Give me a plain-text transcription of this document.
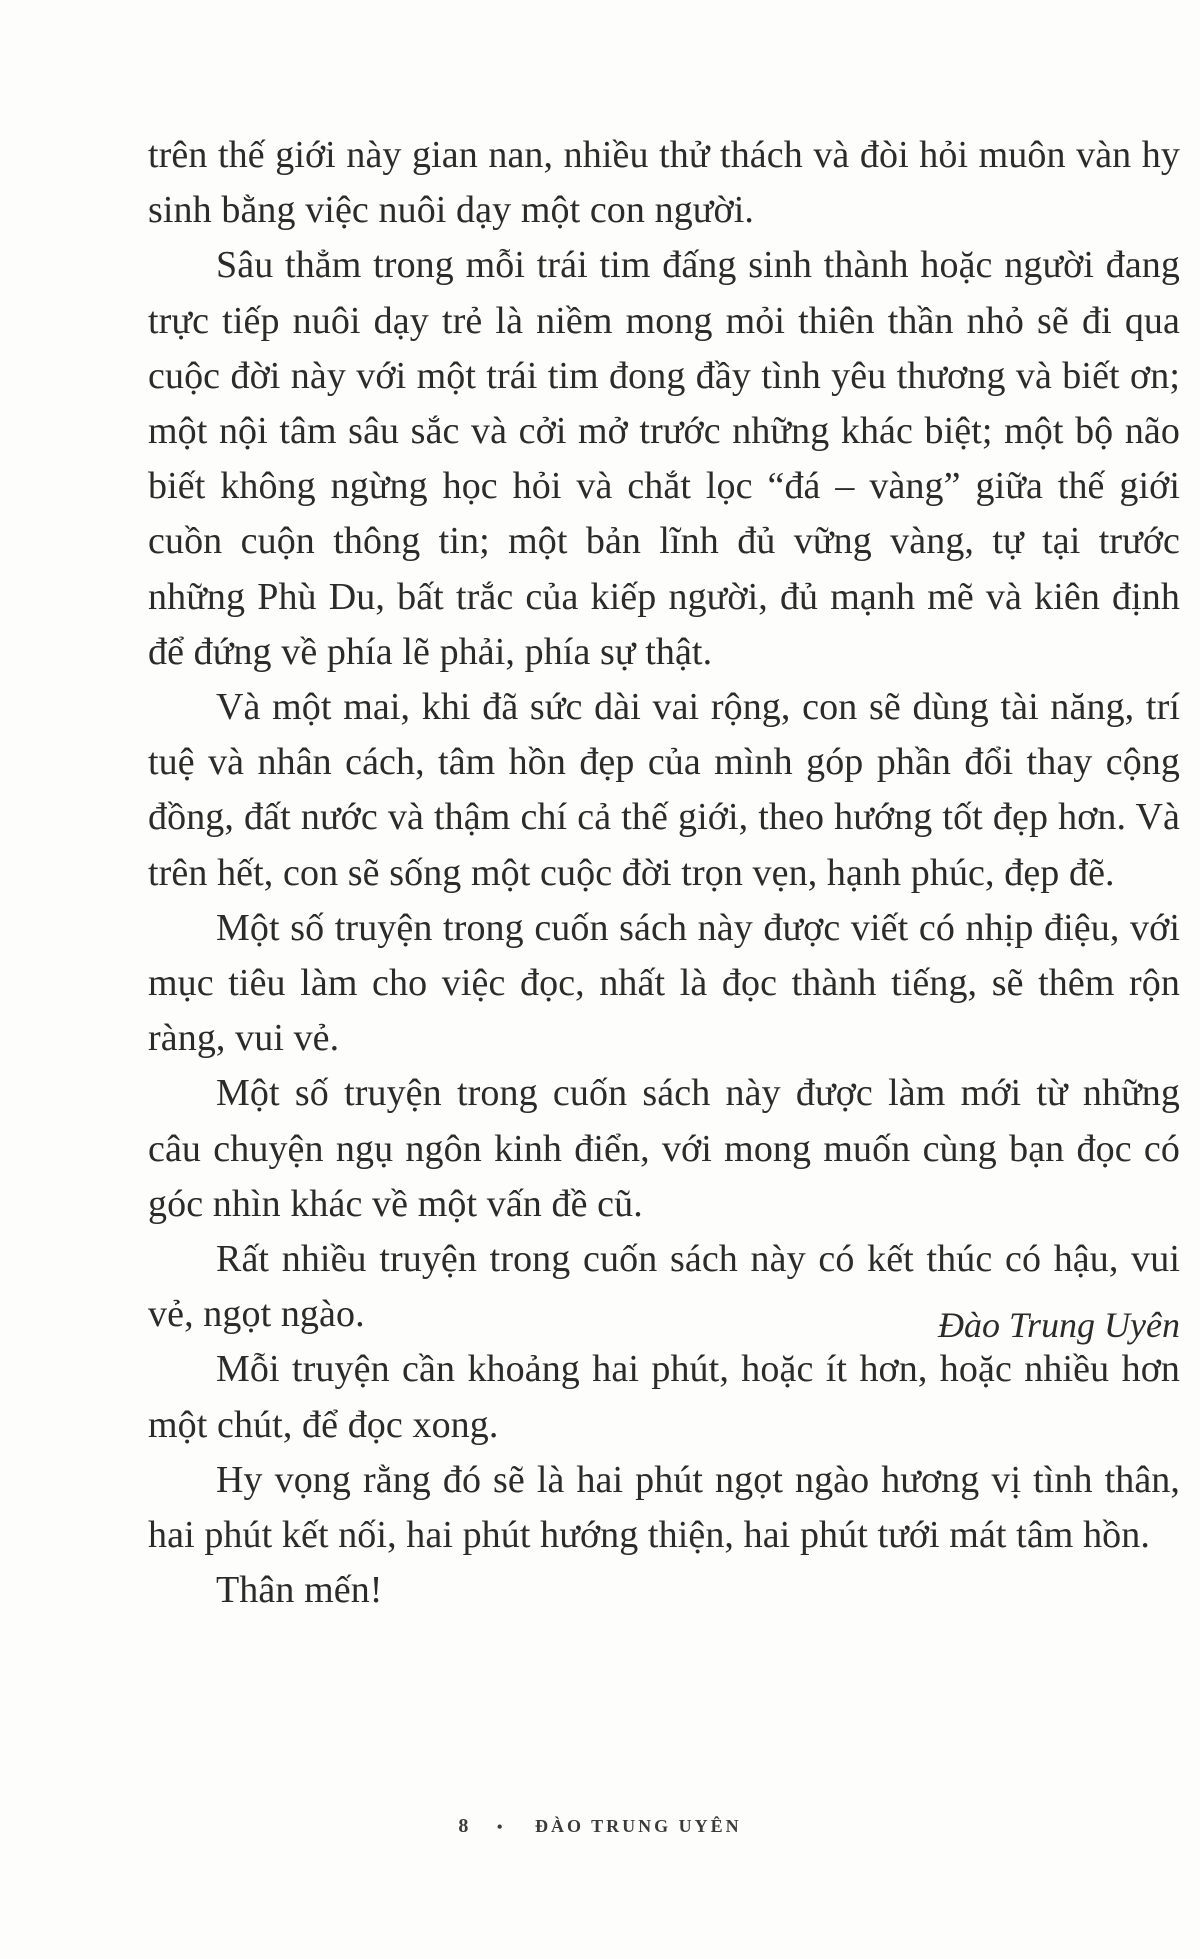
trên thế giới này gian nan, nhiều thử thách và đòi hỏi muôn vàn hy sinh bằng việc nuôi dạy một con người.

Sâu thẳm trong mỗi trái tim đấng sinh thành hoặc người đang trực tiếp nuôi dạy trẻ là niềm mong mỏi thiên thần nhỏ sẽ đi qua cuộc đời này với một trái tim đong đầy tình yêu thương và biết ơn; một nội tâm sâu sắc và cởi mở trước những khác biệt; một bộ não biết không ngừng học hỏi và chắt lọc “đá – vàng” giữa thế giới cuồn cuộn thông tin; một bản lĩnh đủ vững vàng, tự tại trước những Phù Du, bất trắc của kiếp người, đủ mạnh mẽ và kiên định để đứng về phía lẽ phải, phía sự thật.

Và một mai, khi đã sức dài vai rộng, con sẽ dùng tài năng, trí tuệ và nhân cách, tâm hồn đẹp của mình góp phần đổi thay cộng đồng, đất nước và thậm chí cả thế giới, theo hướng tốt đẹp hơn. Và trên hết, con sẽ sống một cuộc đời trọn vẹn, hạnh phúc, đẹp đẽ.

Một số truyện trong cuốn sách này được viết có nhịp điệu, với mục tiêu làm cho việc đọc, nhất là đọc thành tiếng, sẽ thêm rộn ràng, vui vẻ.

Một số truyện trong cuốn sách này được làm mới từ những câu chuyện ngụ ngôn kinh điển, với mong muốn cùng bạn đọc có góc nhìn khác về một vấn đề cũ.

Rất nhiều truyện trong cuốn sách này có kết thúc có hậu, vui vẻ, ngọt ngào.

Mỗi truyện cần khoảng hai phút, hoặc ít hơn, hoặc nhiều hơn một chút, để đọc xong.

Hy vọng rằng đó sẽ là hai phút ngọt ngào hương vị tình thân, hai phút kết nối, hai phút hướng thiện, hai phút tưới mát tâm hồn.

Thân mến!

Đào Trung Uyên
8 • ĐÀO TRUNG UYÊN
